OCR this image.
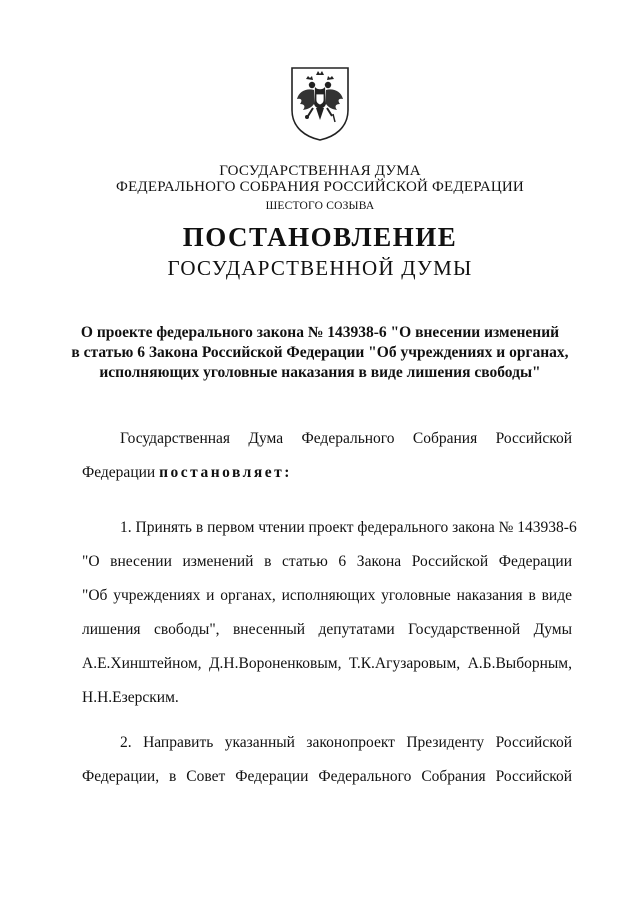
ГОСУДАРСТВЕННАЯ ДУМА
ФЕДЕРАЛЬНОГО СОБРАНИЯ РОССИЙСКОЙ ФЕДЕРАЦИИ
ШЕСТОГО СОЗЫВА
ПОСТАНОВЛЕНИЕ
ГОСУДАРСТВЕННОЙ ДУМЫ
О проекте федерального закона № 143938-6 "О внесении изменений
в статью 6 Закона Российской Федерации "Об учреждениях и органах,
исполняющих уголовные наказания в виде лишения свободы"
Государственная Дума Федерального Собрания Российской
Федерации постановляет:
1. Принять в первом чтении проект федерального закона № 143938-6
"О внесении изменений в статью 6 Закона Российской Федерации
"Об учреждениях и органах, исполняющих уголовные наказания в виде
лишения свободы", внесенный депутатами Государственной Думы
А.Е.Хинштейном, Д.Н.Вороненковым, Т.К.Агузаровым, А.Б.Выборным,
Н.Н.Езерским.
2. Направить указанный законопроект Президенту Российской
Федерации, в Совет Федерации Федерального Собрания Российской
